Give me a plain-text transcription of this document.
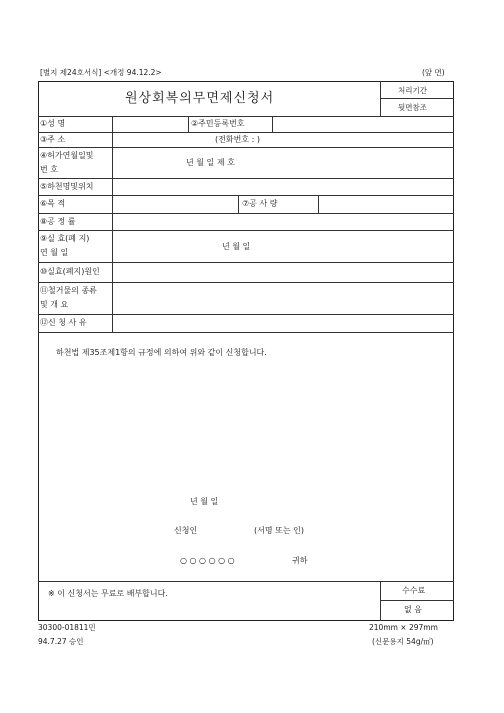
[별지 제24호서식] <개정 94.12.2>	(앞 면)
원상회복의무면제신청서
처리기간
뒷면참조
①성 명	②주민등록번호
③주 소	(전화번호 : )
④허가연월일및
번 호
년 월 일 제 호
⑤하천명및위치
⑥목 적	⑦공 사 량
⑧공 정 률
⑨실 효(폐 지)
연 월 일
년 월 일
⑩실효(폐지)원인
⑪철거물의 종류
및 개 요
⑫신 청 사 유
하천법 제35조제1항의 규정에 의하여 위와 같이 신청합니다.
년 월 일
신청인	(서명 또는 인)
○ ○ ○ ○ ○ ○	귀하
※ 이 신청서는 무료로 배부합니다.	수수료
없 음
30300-01811민
94.7.27 승인
210mm × 297mm
(신문용지 54g/㎡)
